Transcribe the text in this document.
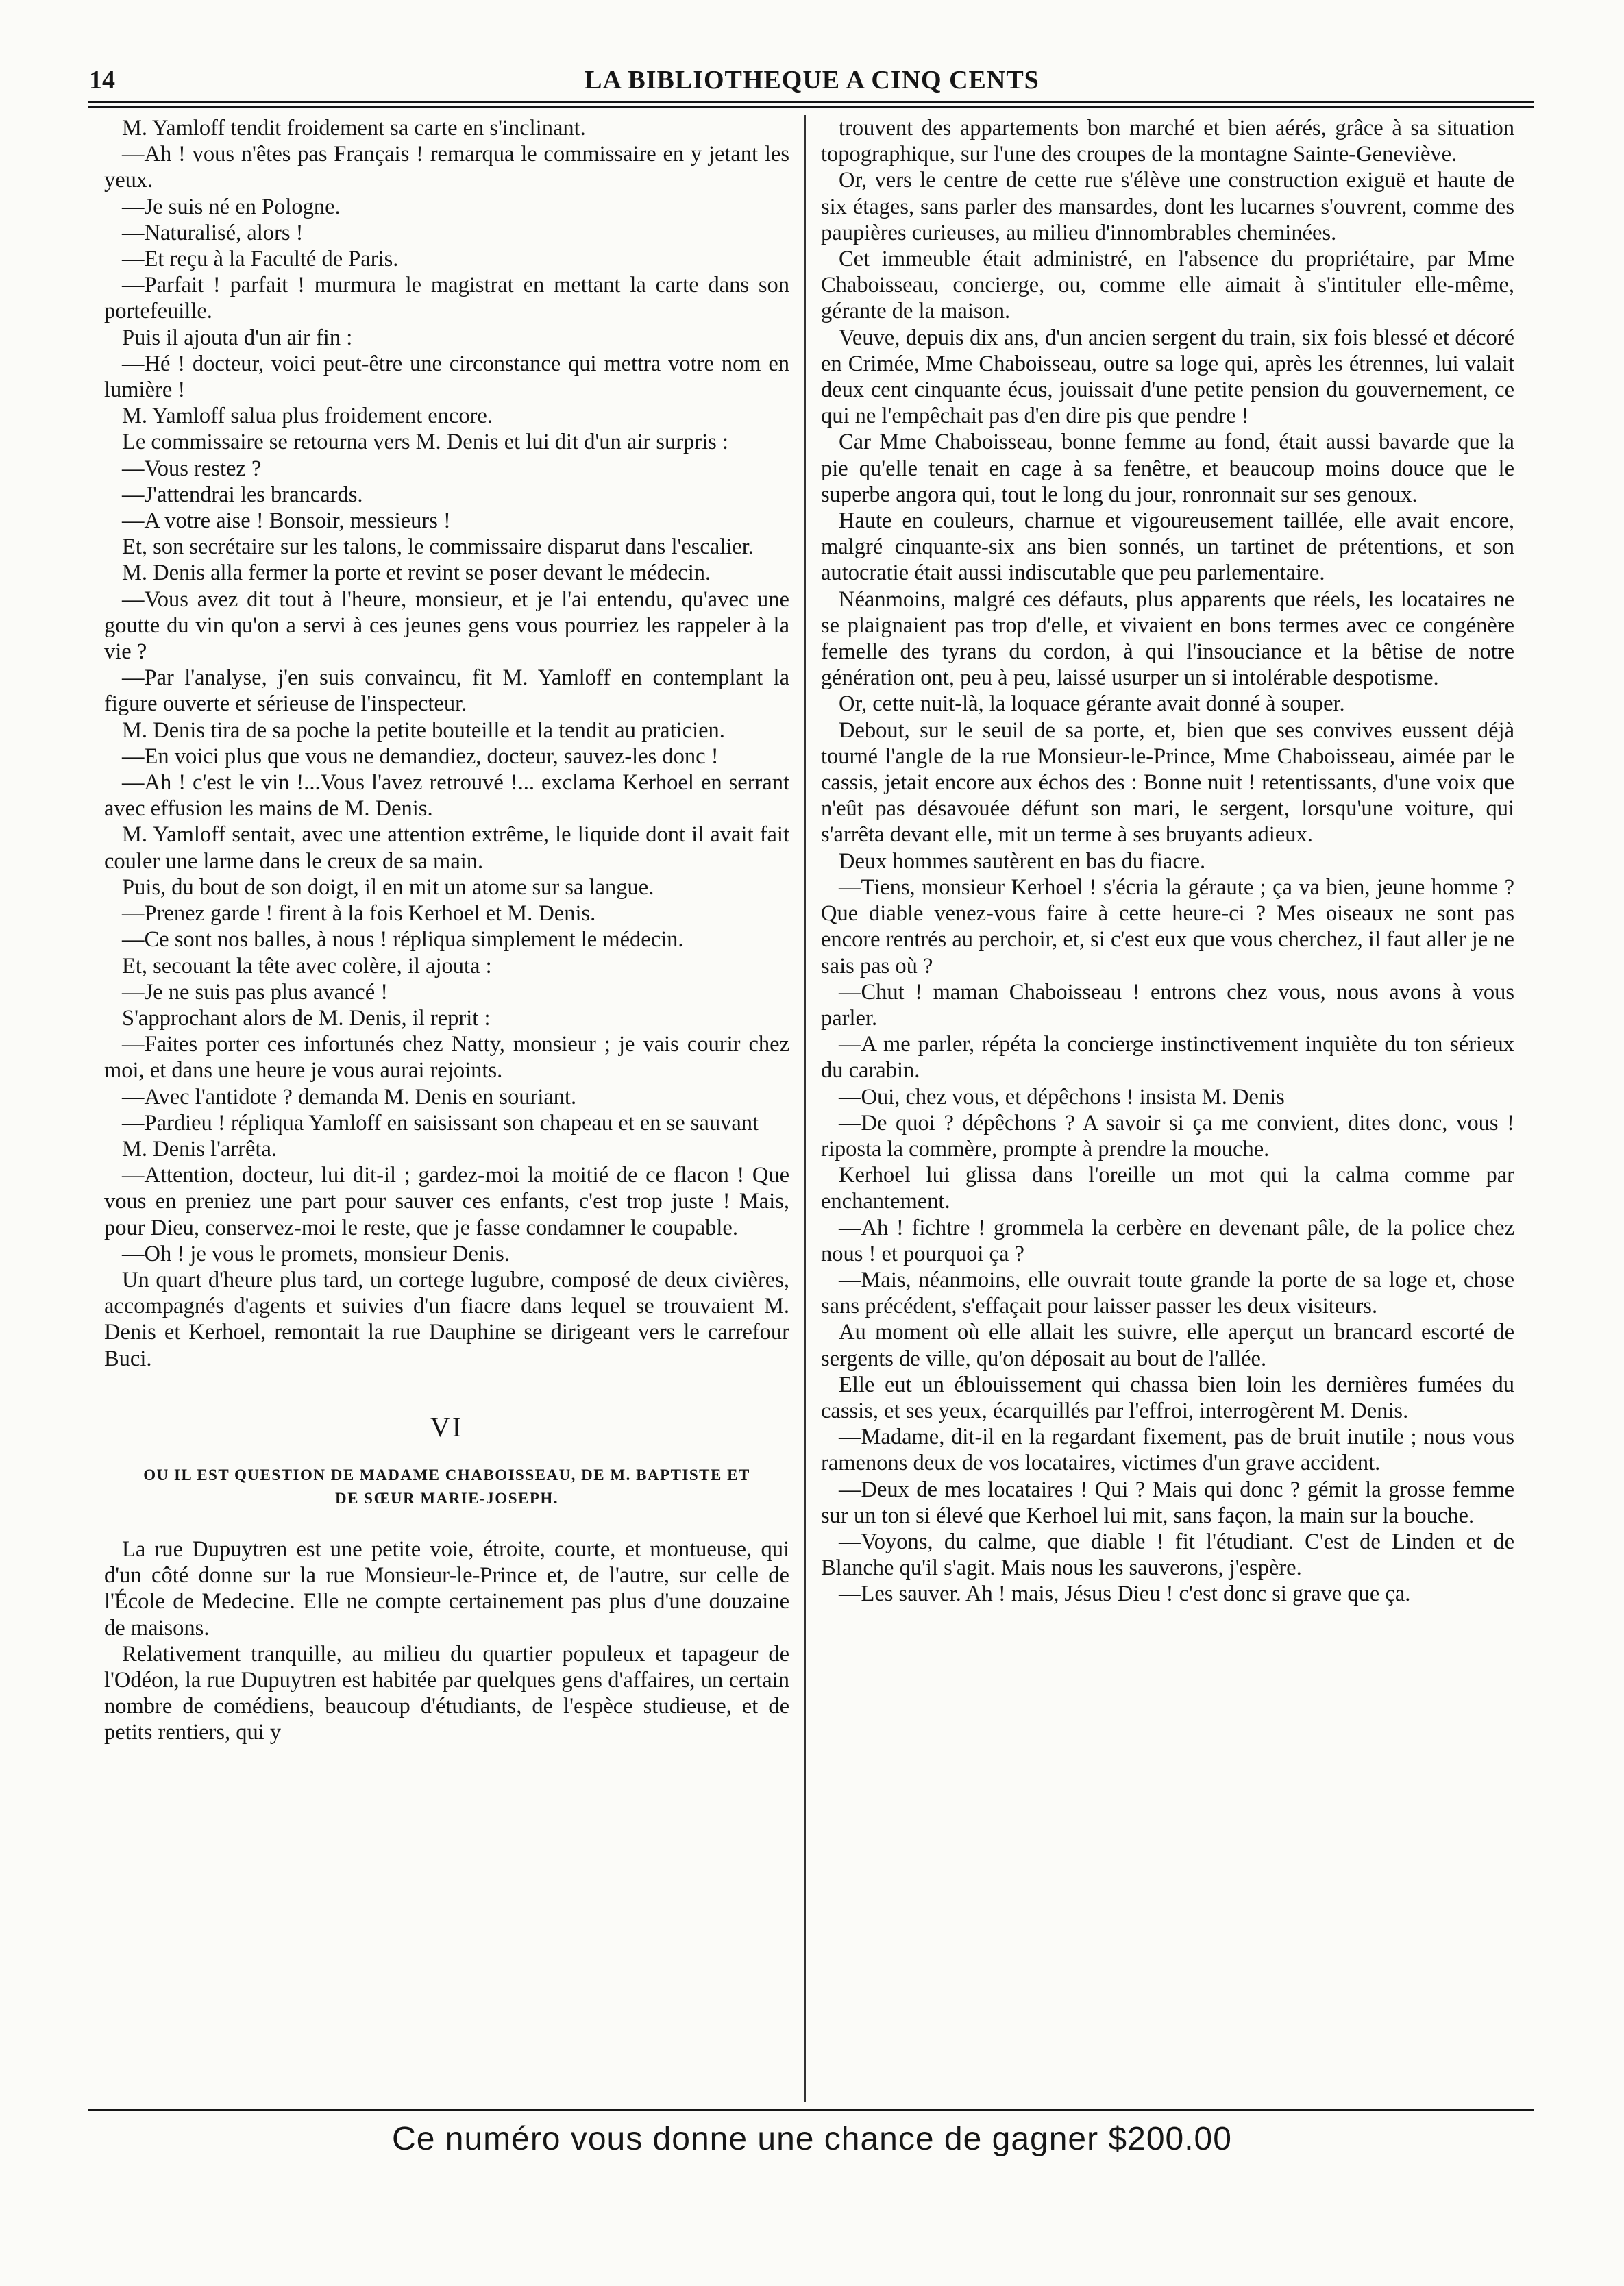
14	LA BIBLIOTHEQUE A CINQ CENTS

M. Yamloff tendit froidement sa carte en s'inclinant.

—Ah ! vous n'êtes pas Français ! remarqua le commissaire en y jetant les yeux.

—Je suis né en Pologne.

—Naturalisé, alors !

—Et reçu à la Faculté de Paris.

—Parfait ! parfait ! murmura le magistrat en mettant la carte dans son portefeuille.

Puis il ajouta d'un air fin :

—Hé ! docteur, voici peut-être une circonstance qui mettra votre nom en lumière !

M. Yamloff salua plus froidement encore.

Le commissaire se retourna vers M. Denis et lui dit d'un air surpris :

—Vous restez ?

—J'attendrai les brancards.

—A votre aise ! Bonsoir, messieurs !

Et, son secrétaire sur les talons, le commissaire disparut dans l'escalier.

M. Denis alla fermer la porte et revint se poser devant le médecin.

—Vous avez dit tout à l'heure, monsieur, et je l'ai entendu, qu'avec une goutte du vin qu'on a servi à ces jeunes gens vous pourriez les rappeler à la vie ?

—Par l'analyse, j'en suis convaincu, fit M. Yamloff en contemplant la figure ouverte et sérieuse de l'inspecteur.

M. Denis tira de sa poche la petite bouteille et la tendit au praticien.

—En voici plus que vous ne demandiez, docteur, sauvez-les donc !

—Ah ! c'est le vin !...Vous l'avez retrouvé !... exclama Kerhoel en serrant avec effusion les mains de M. Denis.

M. Yamloff sentait, avec une attention extrême, le liquide dont il avait fait couler une larme dans le creux de sa main.

Puis, du bout de son doigt, il en mit un atome sur sa langue.

—Prenez garde ! firent à la fois Kerhoel et M. Denis.

—Ce sont nos balles, à nous ! répliqua simplement le médecin.

Et, secouant la tête avec colère, il ajouta :

—Je ne suis pas plus avancé !

S'approchant alors de M. Denis, il reprit :

—Faites porter ces infortunés chez Natty, monsieur ; je vais courir chez moi, et dans une heure je vous aurai rejoints.

—Avec l'antidote ? demanda M. Denis en souriant.

—Pardieu ! répliqua Yamloff en saisissant son chapeau et en se sauvant

M. Denis l'arrêta.

—Attention, docteur, lui dit-il ; gardez-moi la moitié de ce flacon ! Que vous en preniez une part pour sauver ces enfants, c'est trop juste ! Mais, pour Dieu, conservez-moi le reste, que je fasse condamner le coupable.

—Oh ! je vous le promets, monsieur Denis.

Un quart d'heure plus tard, un cortege lugubre, composé de deux civières, accompagnés d'agents et suivies d'un fiacre dans lequel se trouvaient M. Denis et Kerhoel, remontait la rue Dauphine se dirigeant vers le carrefour Buci.

VI
OU IL EST QUESTION DE MADAME CHABOISSEAU, DE M. BAPTISTE ET DE SŒUR MARIE-JOSEPH.

La rue Dupuytren est une petite voie, étroite, courte, et montueuse, qui d'un côté donne sur la rue Monsieur-le-Prince et, de l'autre, sur celle de l'École de Medecine. Elle ne compte certainement pas plus d'une douzaine de maisons.

Relativement tranquille, au milieu du quartier populeux et tapageur de l'Odéon, la rue Dupuytren est habitée par quelques gens d'affaires, un certain nombre de comédiens, beaucoup d'étudiants, de l'espèce studieuse, et de petits rentiers, qui y

trouvent des appartements bon marché et bien aérés, grâce à sa situation topographique, sur l'une des croupes de la montagne Sainte-Geneviève.

Or, vers le centre de cette rue s'élève une construction exiguë et haute de six étages, sans parler des mansardes, dont les lucarnes s'ouvrent, comme des paupières curieuses, au milieu d'innombrables cheminées.

Cet immeuble était administré, en l'absence du propriétaire, par Mme Chaboisseau, concierge, ou, comme elle aimait à s'intituler elle-même, gérante de la maison.

Veuve, depuis dix ans, d'un ancien sergent du train, six fois blessé et décoré en Crimée, Mme Chaboisseau, outre sa loge qui, après les étrennes, lui valait deux cent cinquante écus, jouissait d'une petite pension du gouvernement, ce qui ne l'empêchait pas d'en dire pis que pendre !

Car Mme Chaboisseau, bonne femme au fond, était aussi bavarde que la pie qu'elle tenait en cage à sa fenêtre, et beaucoup moins douce que le superbe angora qui, tout le long du jour, ronronnait sur ses genoux.

Haute en couleurs, charnue et vigoureusement taillée, elle avait encore, malgré cinquante-six ans bien sonnés, un tartinet de prétentions, et son autocratie était aussi indiscutable que peu parlementaire.

Néanmoins, malgré ces défauts, plus apparents que réels, les locataires ne se plaignaient pas trop d'elle, et vivaient en bons termes avec ce congénère femelle des tyrans du cordon, à qui l'insouciance et la bêtise de notre génération ont, peu à peu, laissé usurper un si intolérable despotisme.

Or, cette nuit-là, la loquace gérante avait donné à souper.

Debout, sur le seuil de sa porte, et, bien que ses convives eussent déjà tourné l'angle de la rue Monsieur-le-Prince, Mme Chaboisseau, aimée par le cassis, jetait encore aux échos des : Bonne nuit ! retentissants, d'une voix que n'eût pas désavouée défunt son mari, le sergent, lorsqu'une voiture, qui s'arrêta devant elle, mit un terme à ses bruyants adieux.

Deux hommes sautèrent en bas du fiacre.

—Tiens, monsieur Kerhoel ! s'écria la géraute ; ça va bien, jeune homme ? Que diable venez-vous faire à cette heure-ci ? Mes oiseaux ne sont pas encore rentrés au perchoir, et, si c'est eux que vous cherchez, il faut aller je ne sais pas où ?

—Chut ! maman Chaboisseau ! entrons chez vous, nous avons à vous parler.

—A me parler, répéta la concierge instinctivement inquiète du ton sérieux du carabin.

—Oui, chez vous, et dépêchons ! insista M. Denis

—De quoi ? dépêchons ? A savoir si ça me convient, dites donc, vous ! riposta la commère, prompte à prendre la mouche.

Kerhoel lui glissa dans l'oreille un mot qui la calma comme par enchantement.

—Ah ! fichtre ! grommela la cerbère en devenant pâle, de la police chez nous ! et pourquoi ça ?

—Mais, néanmoins, elle ouvrait toute grande la porte de sa loge et, chose sans précédent, s'effaçait pour laisser passer les deux visiteurs.

Au moment où elle allait les suivre, elle aperçut un brancard escorté de sergents de ville, qu'on déposait au bout de l'allée.

Elle eut un éblouissement qui chassa bien loin les dernières fumées du cassis, et ses yeux, écarquillés par l'effroi, interrogèrent M. Denis.

—Madame, dit-il en la regardant fixement, pas de bruit inutile ; nous vous ramenons deux de vos locataires, victimes d'un grave accident.

—Deux de mes locataires ! Qui ? Mais qui donc ? gémit la grosse femme sur un ton si élevé que Kerhoel lui mit, sans façon, la main sur la bouche.

—Voyons, du calme, que diable ! fit l'étudiant. C'est de Linden et de Blanche qu'il s'agit. Mais nous les sauverons, j'espère.

—Les sauver. Ah ! mais, Jésus Dieu ! c'est donc si grave que ça.

Ce numéro vous donne une chance de gagner $200.00
